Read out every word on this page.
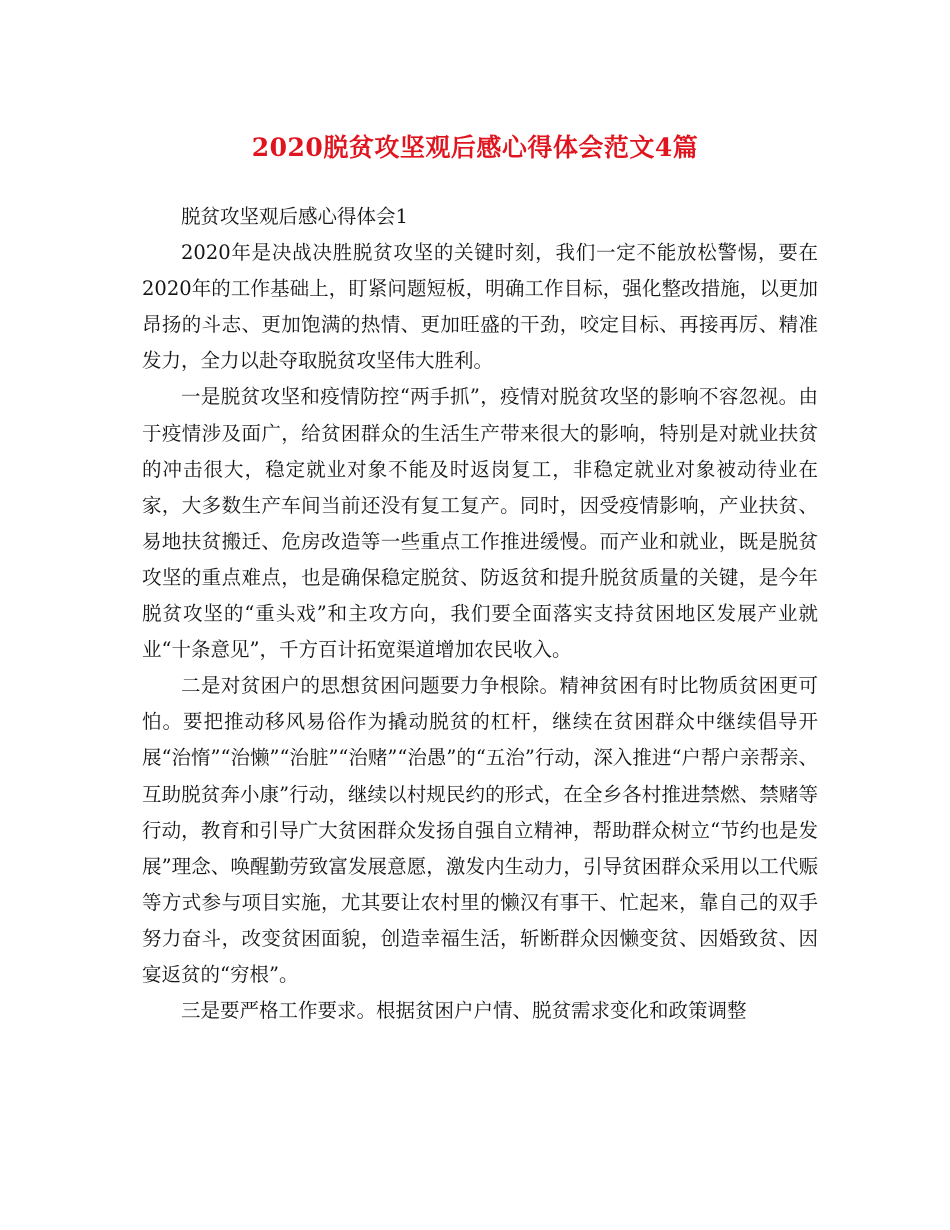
2020脱贫攻坚观后感心得体会范文4篇

脱贫攻坚观后感心得体会1

2020年是决战决胜脱贫攻坚的关键时刻，我们一定不能放松警惕，要在2020年的工作基础上，盯紧问题短板，明确工作目标，强化整改措施，以更加昂扬的斗志、更加饱满的热情、更加旺盛的干劲，咬定目标、再接再厉、精准发力，全力以赴夺取脱贫攻坚伟大胜利。

一是脱贫攻坚和疫情防控“两手抓”，疫情对脱贫攻坚的影响不容忽视。由于疫情涉及面广，给贫困群众的生活生产带来很大的影响，特别是对就业扶贫的冲击很大，稳定就业对象不能及时返岗复工，非稳定就业对象被动待业在家，大多数生产车间当前还没有复工复产。同时，因受疫情影响，产业扶贫、易地扶贫搬迁、危房改造等一些重点工作推进缓慢。而产业和就业，既是脱贫攻坚的重点难点，也是确保稳定脱贫、防返贫和提升脱贫质量的关键，是今年脱贫攻坚的“重头戏”和主攻方向，我们要全面落实支持贫困地区发展产业就业“十条意见”，千方百计拓宽渠道增加农民收入。

二是对贫困户的思想贫困问题要力争根除。精神贫困有时比物质贫困更可怕。要把推动移风易俗作为撬动脱贫的杠杆，继续在贫困群众中继续倡导开展“治惰”“治懒”“治脏”“治赌”“治愚”的“五治”行动，深入推进“户帮户亲帮亲、互助脱贫奔小康”行动，继续以村规民约的形式，在全乡各村推进禁燃、禁赌等行动，教育和引导广大贫困群众发扬自强自立精神，帮助群众树立“节约也是发展”理念、唤醒勤劳致富发展意愿，激发内生动力，引导贫困群众采用以工代赈等方式参与项目实施，尤其要让农村里的懒汉有事干、忙起来，靠自己的双手努力奋斗，改变贫困面貌，创造幸福生活，斩断群众因懒变贫、因婚致贫、因宴返贫的“穷根”。

三是要严格工作要求。根据贫困户户情、脱贫需求变化和政策调整
